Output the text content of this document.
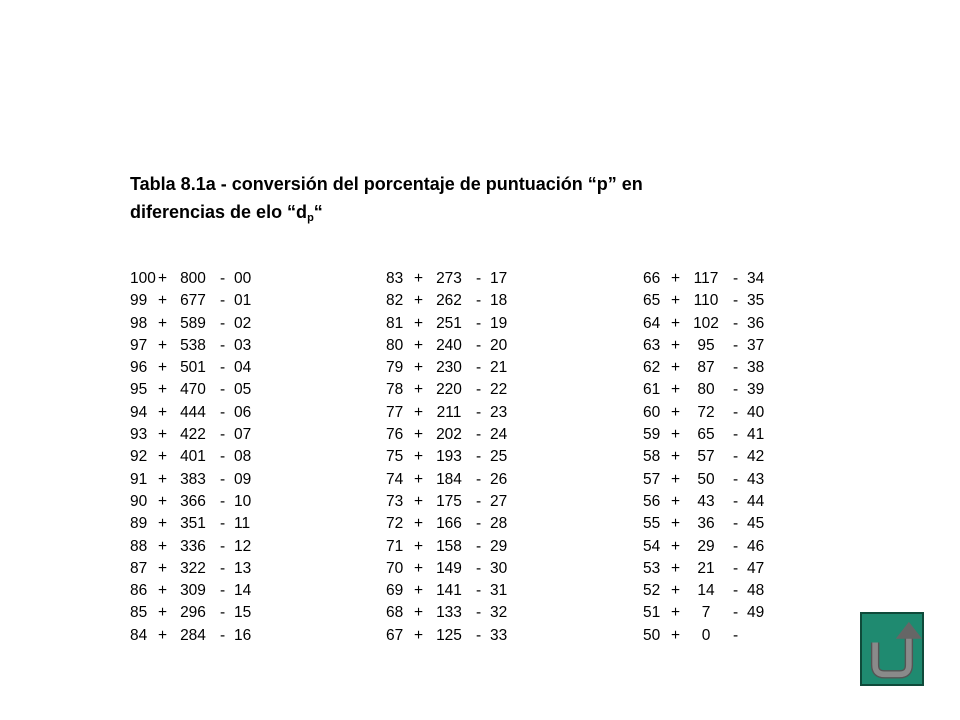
Tabla 8.1a - conversión del porcentaje de puntuación “p” en
diferencias de elo “$d_p“$
100 + 800 - 00
99 + 677 - 01
98 + 589 - 02
97 + 538 - 03
96 + 501 - 04
95 + 470 - 05
94 + 444 - 06
93 + 422 - 07
92 + 401 - 08
91 + 383 - 09
90 + 366 - 10
89 + 351 - 11
88 + 336 - 12
87 + 322 - 13
86 + 309 - 14
85 + 296 - 15
84 + 284 - 16
83 + 273 - 17
82 + 262 - 18
81 + 251 - 19
80 + 240 - 20
79 + 230 - 21
78 + 220 - 22
77 + 211 - 23
76 + 202 - 24
75 + 193 - 25
74 + 184 - 26
73 + 175 - 27
72 + 166 - 28
71 + 158 - 29
70 + 149 - 30
69 + 141 - 31
68 + 133 - 32
67 + 125 - 33
66 + 117 - 34
65 + 110 - 35
64 + 102 - 36
63 +	95	- 37
62 +	87	- 38
61 +	80	- 39
60 +	72	- 40
59 +	65	- 41
58 +	57	- 42
57 +	50	- 43
56 +	43	- 44
55 +	36	- 45
54 +	29	- 46
53 +	21	- 47
52 +	14	- 48
51 +	7	- 49
50 +	0	-
